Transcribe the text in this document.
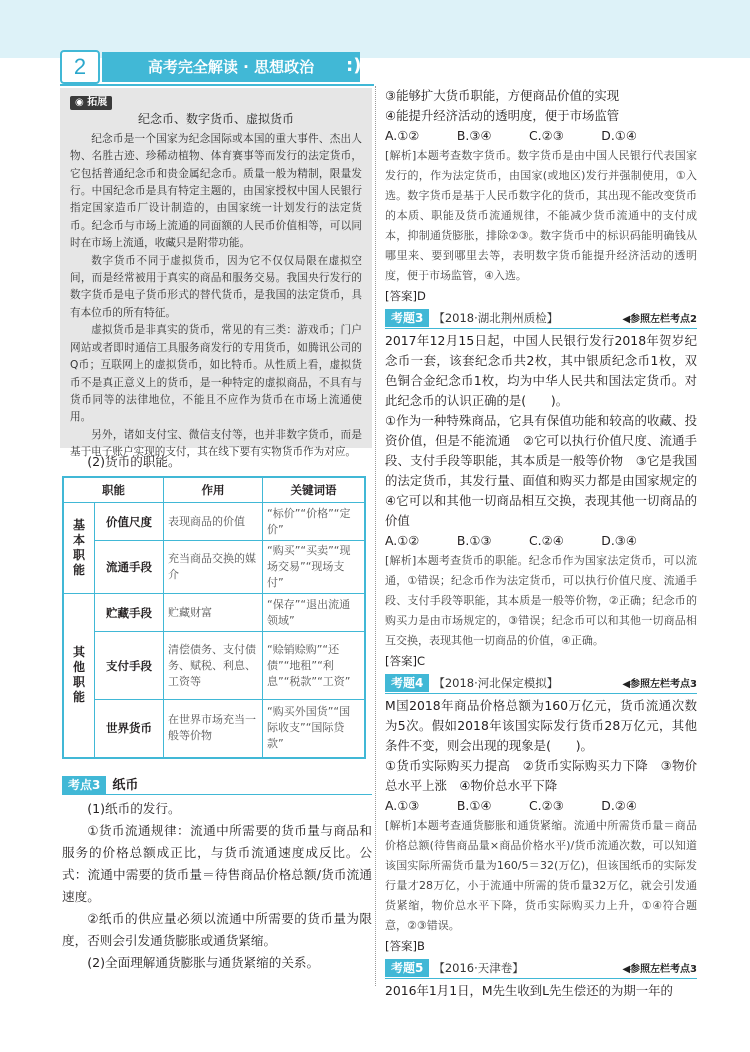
2	高考完全解读 · 思想政治	:)
◉ 拓展
纪念币、数字货币、虚拟货币

纪念币是一个国家为纪念国际或本国的重大事件、杰出人物、名胜古迹、珍稀动植物、体育赛事等而发行的法定货币，它包括普通纪念币和贵金属纪念币。质量一般为精制，限量发行。中国纪念币是具有特定主题的，由国家授权中国人民银行指定国家造币厂设计制造的，由国家统一计划发行的法定货币。纪念币与市场上流通的同面额的人民币价值相等，可以同时在市场上流通，收藏只是附带功能。

数字货币不同于虚拟货币，因为它不仅仅局限在虚拟空间，而是经常被用于真实的商品和服务交易。我国央行发行的数字货币是电子货币形式的替代货币，是我国的法定货币，具有本位币的所有特征。

虚拟货币是非真实的货币，常见的有三类：游戏币；门户网站或者即时通信工具服务商发行的专用货币，如腾讯公司的Q币；互联网上的虚拟货币，如比特币。从性质上看，虚拟货币不是真正意义上的货币，是一种特定的虚拟商品，不具有与货币同等的法律地位，不能且不应作为货币在市场上流通使用。

另外，诸如支付宝、微信支付等，也并非数字货币，而是基于电子账户实现的支付，其在线下要有实物货币作为对应。

(2)货币的职能。

职能		作用	关键词语
基本职能	价值尺度	表现商品的价值	“标价”“价格”“定价”
	流通手段	充当商品交换的媒介	“购买”“买卖”“现场交易”“现场支付”
其他职能	贮藏手段	贮藏财富	“保存”“退出流通领域”
	支付手段	清偿债务、支付债务、赋税、利息、工资等	“赊销赊购”“还债”“地租”“利息”“税款”“工资”
	世界货币	在世界市场充当一般等价物	“购买外国货”“国际收支”“国际贷款”
考点3 纸币

(1)纸币的发行。

①货币流通规律：流通中所需要的货币量与商品和服务的价格总额成正比，与货币流通速度成反比。公式：流通中需要的货币量＝待售商品价格总额/货币流通速度。

②纸币的供应量必须以流通中所需要的货币量为限度，否则会引发通货膨胀或通货紧缩。

(2)全面理解通货膨胀与通货紧缩的关系。

③能够扩大货币职能，方便商品价值的实现

④能提升经济活动的透明度，便于市场监管

A.①②	B.③④	C.②③	D.①④

[解析]本题考查数字货币。数字货币是由中国人民银行代表国家发行的，作为法定货币，由国家(或地区)发行并强制使用，①入选。数字货币是基于人民币数字化的货币，其出现不能改变货币的本质、职能及货币流通规律，不能减少货币流通中的支付成本，抑制通货膨胀，排除②③。数字货币中的标识码能明确钱从哪里来、要到哪里去等，表明数字货币能提升经济活动的透明度，便于市场监管，④入选。

[答案]D

考题3 【2018·湖北荆州质检】	◀参照左栏考点2

2017年12月15日起，中国人民银行发行2018年贺岁纪念币一套，该套纪念币共2枚，其中银质纪念币1枚，双色铜合金纪念币1枚，均为中华人民共和国法定货币。对此纪念币的认识正确的是(　　)。

①作为一种特殊商品，它具有保值功能和较高的收藏、投资价值，但是不能流通　②它可以执行价值尺度、流通手段、支付手段等职能，其本质是一般等价物　③它是我国的法定货币，其发行量、面值和购买力都是由国家规定的　④它可以和其他一切商品相互交换，表现其他一切商品的价值

A.①②	B.①③	C.②④	D.③④

[解析]本题考查货币的职能。纪念币作为国家法定货币，可以流通，①错误；纪念币作为法定货币，可以执行价值尺度、流通手段、支付手段等职能，其本质是一般等价物，②正确；纪念币的购买力是由市场规定的，③错误；纪念币可以和其他一切商品相互交换，表现其他一切商品的价值，④正确。

[答案]C

考题4 【2018·河北保定模拟】	◀参照左栏考点3

M国2018年商品价格总额为160万亿元，货币流通次数为5次。假如2018年该国实际发行货币28万亿元，其他条件不变，则会出现的现象是(　　)。

①货币实际购买力提高　②货币实际购买力下降　③物价总水平上涨　④物价总水平下降

A.①③	B.①④	C.②③	D.②④

[解析]本题考查通货膨胀和通货紧缩。流通中所需货币量＝商品价格总额(待售商品量×商品价格水平)/货币流通次数，可以知道该国实际所需货币量为160/5＝32(万亿)，但该国纸币的实际发行量才28万亿，小于流通中所需的货币量32万亿，就会引发通货紧缩，物价总水平下降，货币实际购买力上升，①④符合题意，②③错误。

[答案]B

考题5 【2016·天津卷】	◀参照左栏考点3

2016年1月1日，M先生收到L先生偿还的为期一年的
